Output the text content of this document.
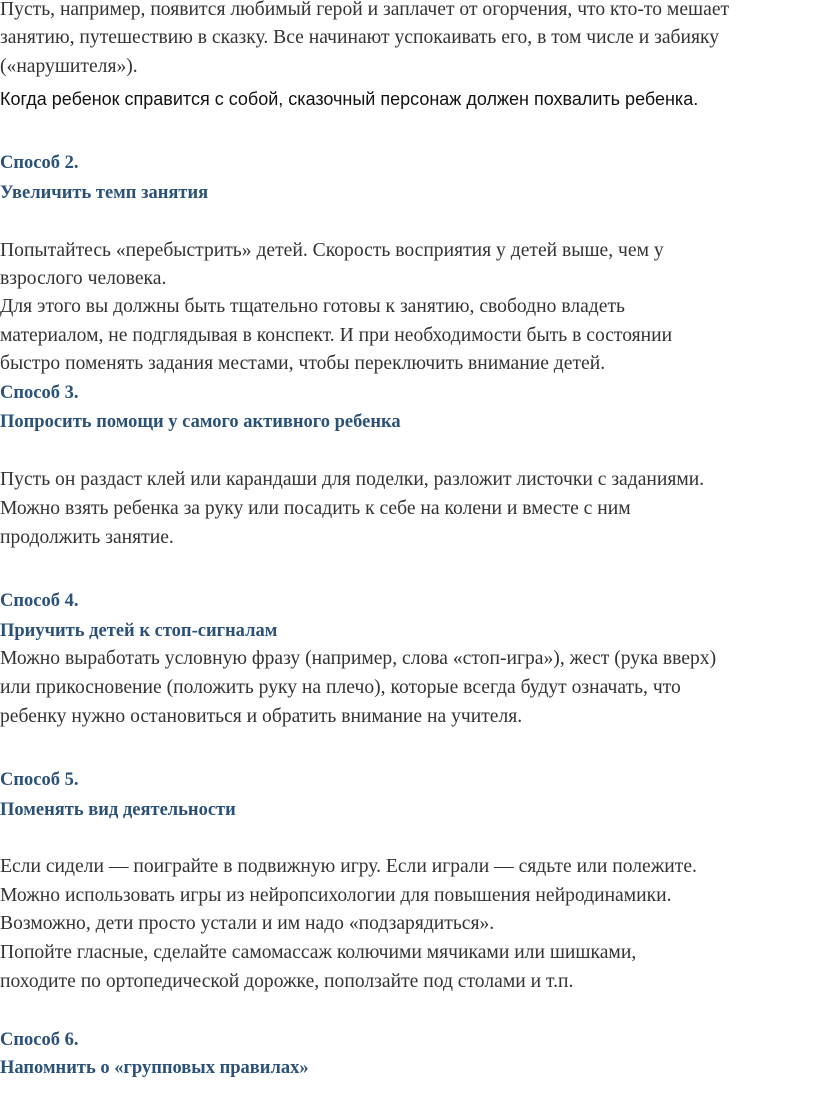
Пусть, например, появится любимый герой и заплачет от огорчения, что кто-то мешает
занятию, путешествию в сказку. Все начинают успокаивать его, в том числе и забияку
(«нарушителя»).
Когда ребенок справится с собой, сказочный персонаж должен похвалить ребенка.
Способ 2.
Увеличить темп занятия
Попытайтесь «перебыстрить» детей. Скорость восприятия у детей выше, чем у
взрослого человека.
Для этого вы должны быть тщательно готовы к занятию, свободно владеть
материалом, не подглядывая в конспект. И при необходимости быть в состоянии
быстро поменять задания местами, чтобы переключить внимание детей.
Способ 3.
Попросить помощи у самого активного ребенка
Пусть он раздаст клей или карандаши для поделки, разложит листочки с заданиями.
Можно взять ребенка за руку или посадить к себе на колени и вместе с ним
продолжить занятие.
Способ 4.
Приучить детей к стоп-сигналам
Можно выработать условную фразу (например, слова «стоп-игра»), жест (рука вверх)
или прикосновение (положить руку на плечо), которые всегда будут означать, что
ребенку нужно остановиться и обратить внимание на учителя.
Способ 5.
Поменять вид деятельности
Если сидели — поиграйте в подвижную игру. Если играли — сядьте или полежите.
Можно использовать игры из нейропсихологии для повышения нейродинамики.
Возможно, дети просто устали и им надо «подзарядиться».
Попойте гласные, сделайте самомассаж колючими мячиками или шишками,
походите по ортопедической дорожке, поползайте под столами и т.п.
Способ 6.
Напомнить о «групповых правилах»
